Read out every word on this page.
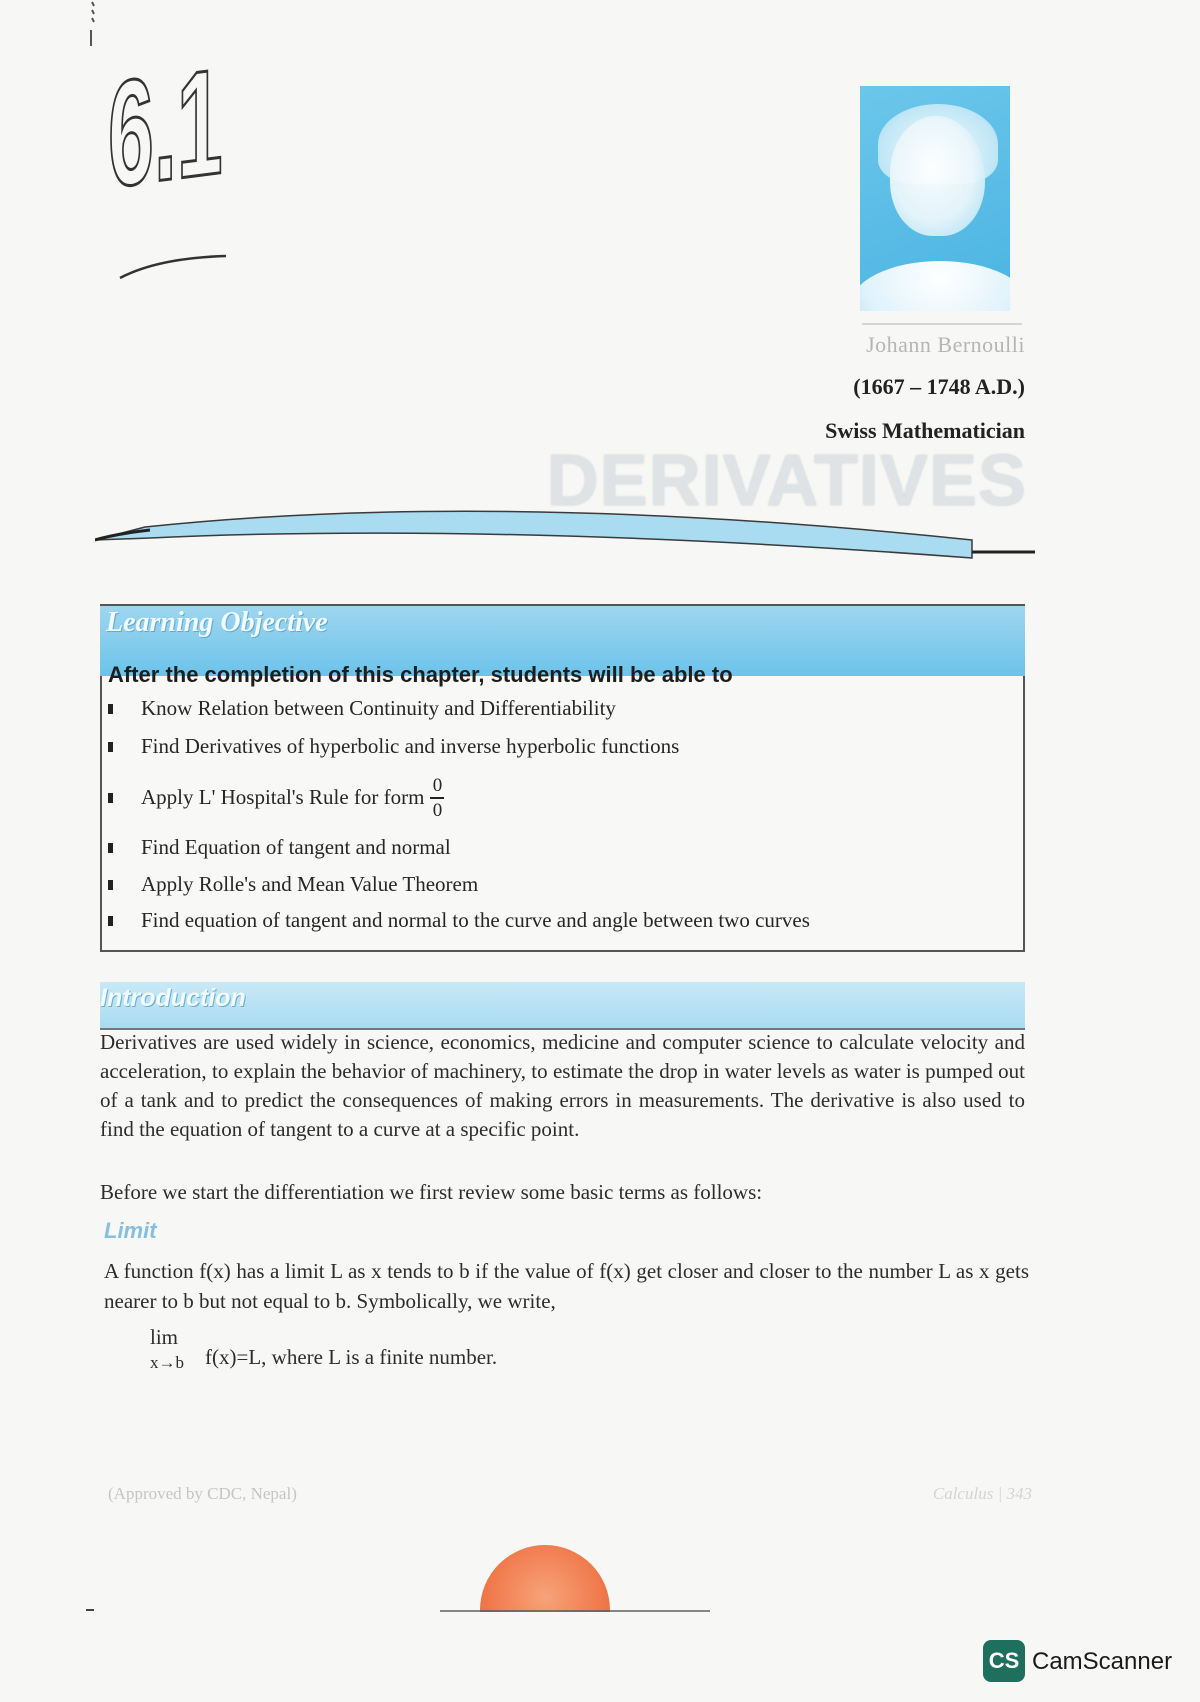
6.1
Johann Bernoulli
(1667 – 1748 A.D.)
Swiss Mathematician
DERIVATIVES
Learning Objective
After the completion of this chapter, students will be able to
Know Relation between Continuity and Differentiability
Find Derivatives of hyperbolic and inverse hyperbolic functions
Apply L' Hospital's Rule for form $\frac{0}{0}$
Find Equation of tangent and normal
Apply Rolle's and Mean Value Theorem
Find equation of tangent and normal to the curve and angle between two curves
Introduction
Derivatives are used widely in science, economics, medicine and computer science to calculate velocity and acceleration, to explain the behavior of machinery, to estimate the drop in water levels as water is pumped out of a tank and to predict the consequences of making errors in measurements. The derivative is also used to find the equation of tangent to a curve at a specific point.
Before we start the differentiation we first review some basic terms as follows:
Limit
A function f(x) has a limit L as x tends to b if the value of f(x) get closer and closer to the number L as x gets nearer to b but not equal to b. Symbolically, we write,
lim
x→b f(x)=L, where L is a finite number.
(Approved by CDC, Nepal)	Calculus | 343
CS CamScanner
